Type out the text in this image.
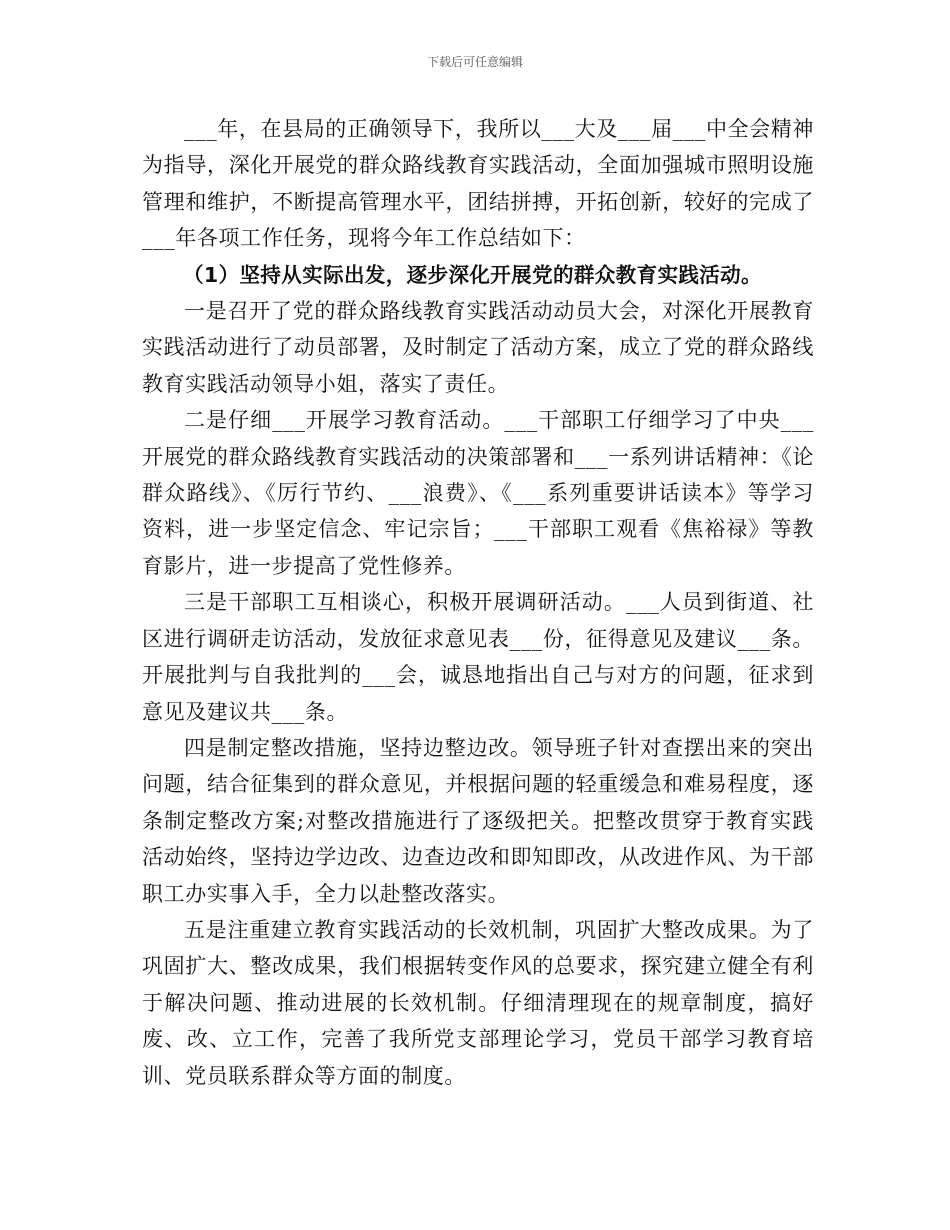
下载后可任意编辑

___年，在县局的正确领导下，我所以___大及___届___中全会精神为指导，深化开展党的群众路线教育实践活动，全面加强城市照明设施管理和维护，不断提高管理水平，团结拼搏，开拓创新，较好的完成了___年各项工作任务，现将今年工作总结如下：

（1）坚持从实际出发，逐步深化开展党的群众教育实践活动。

一是召开了党的群众路线教育实践活动动员大会，对深化开展教育实践活动进行了动员部署，及时制定了活动方案，成立了党的群众路线教育实践活动领导小姐，落实了责任。

二是仔细___开展学习教育活动。___干部职工仔细学习了中央___开展党的群众路线教育实践活动的决策部署和___一系列讲话精神：《论群众路线》、《厉行节约、___浪费》、《___系列重要讲话读本》等学习资料，进一步坚定信念、牢记宗旨；___干部职工观看《焦裕禄》等教育影片，进一步提高了党性修养。

三是干部职工互相谈心，积极开展调研活动。___人员到街道、社区进行调研走访活动，发放征求意见表___份，征得意见及建议___条。开展批判与自我批判的___会，诚恳地指出自己与对方的问题，征求到意见及建议共___条。

四是制定整改措施，坚持边整边改。领导班子针对查摆出来的突出问题，结合征集到的群众意见，并根据问题的轻重缓急和难易程度，逐条制定整改方案;对整改措施进行了逐级把关。把整改贯穿于教育实践活动始终，坚持边学边改、边查边改和即知即改，从改进作风、为干部职工办实事入手，全力以赴整改落实。

五是注重建立教育实践活动的长效机制，巩固扩大整改成果。为了巩固扩大、整改成果，我们根据转变作风的总要求，探究建立健全有利于解决问题、推动进展的长效机制。仔细清理现在的规章制度，搞好废、改、立工作，完善了我所党支部理论学习，党员干部学习教育培训、党员联系群众等方面的制度。
